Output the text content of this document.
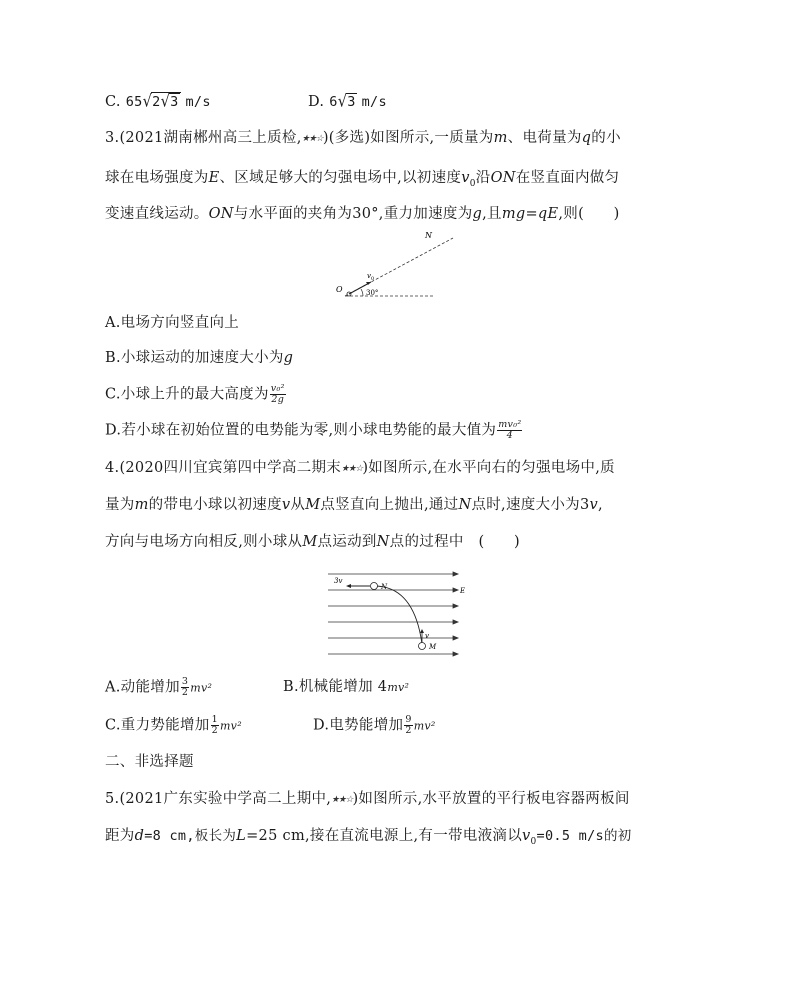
C. 65√2√3 m/s	D. 6√3 m/s
3.(2021湖南郴州高三上质检,★★☆)(多选)如图所示,一质量为m、电荷量为q的小
球在电场强度为E、区域足够大的匀强电场中,以初速度$v_0$沿ON在竖直面内做匀
变速直线运动。ON与水平面的夹角为30°,重力加速度为g,且mg=qE,则(　　)
N
O
v 0
30°
A.电场方向竖直向上
B.小球运动的加速度大小为g
C.小球上升的最大高度为 $\frac{\text{v₀²}}{2g}$
D.若小球在初始位置的电势能为零,则小球电势能的最大值为 $\frac{\text{mv₀²}}{4}$
4.(2020四川宜宾第四中学高二期末★★☆)如图所示,在水平向右的匀强电场中,质
量为m的带电小球以初速度v从M点竖直向上抛出,通过N点时,速度大小为3v,
方向与电场方向相反,则小球从M点运动到N点的过程中　(　　)
3v
N	E
v
M
A.动能增加 $\frac{3}{2} mv^2$	B.机械能增加 4mv²
C.重力势能增加 $\frac{1}{2} mv^2$	D.电势能增加 $\frac{9}{2} mv^2$
二、非选择题
5.(2021广东实验中学高二上期中,★★☆)如图所示,水平放置的平行板电容器两板间
距为d=8 cm,板长为L=25 cm,接在直流电源上,有一带电液滴以$v_0=0.5$ m/s的初
